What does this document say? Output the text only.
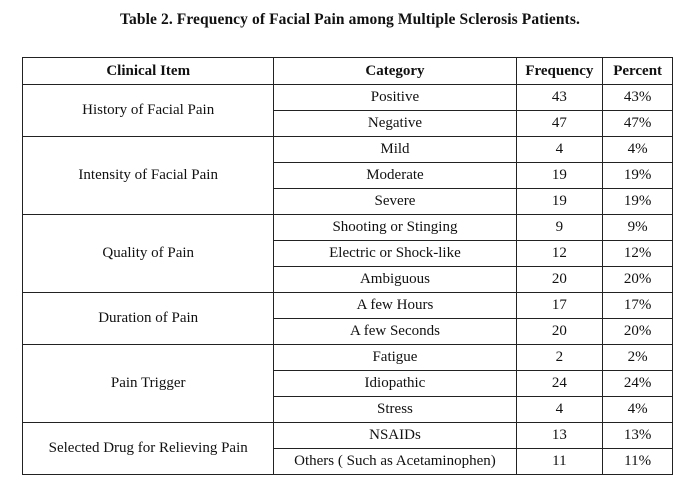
Table 2. Frequency of Facial Pain among Multiple Sclerosis Patients.
Clinical Item	Category	Frequency	Percent
History of Facial Pain	Positive	43	43%
	Negative	47	47%
Intensity of Facial Pain	Mild	4	4%
	Moderate	19	19%
	Severe	19	19%
Quality of Pain	Shooting or Stinging	9	9%
	Electric or Shock-like	12	12%
	Ambiguous	20	20%
Duration of Pain	A few Hours	17	17%
	A few Seconds	20	20%
Pain Trigger	Fatigue	2	2%
	Idiopathic	24	24%
	Stress	4	4%
Selected Drug for Relieving Pain	NSAIDs	13	13%
	Others ( Such as Acetaminophen)	11	11%
